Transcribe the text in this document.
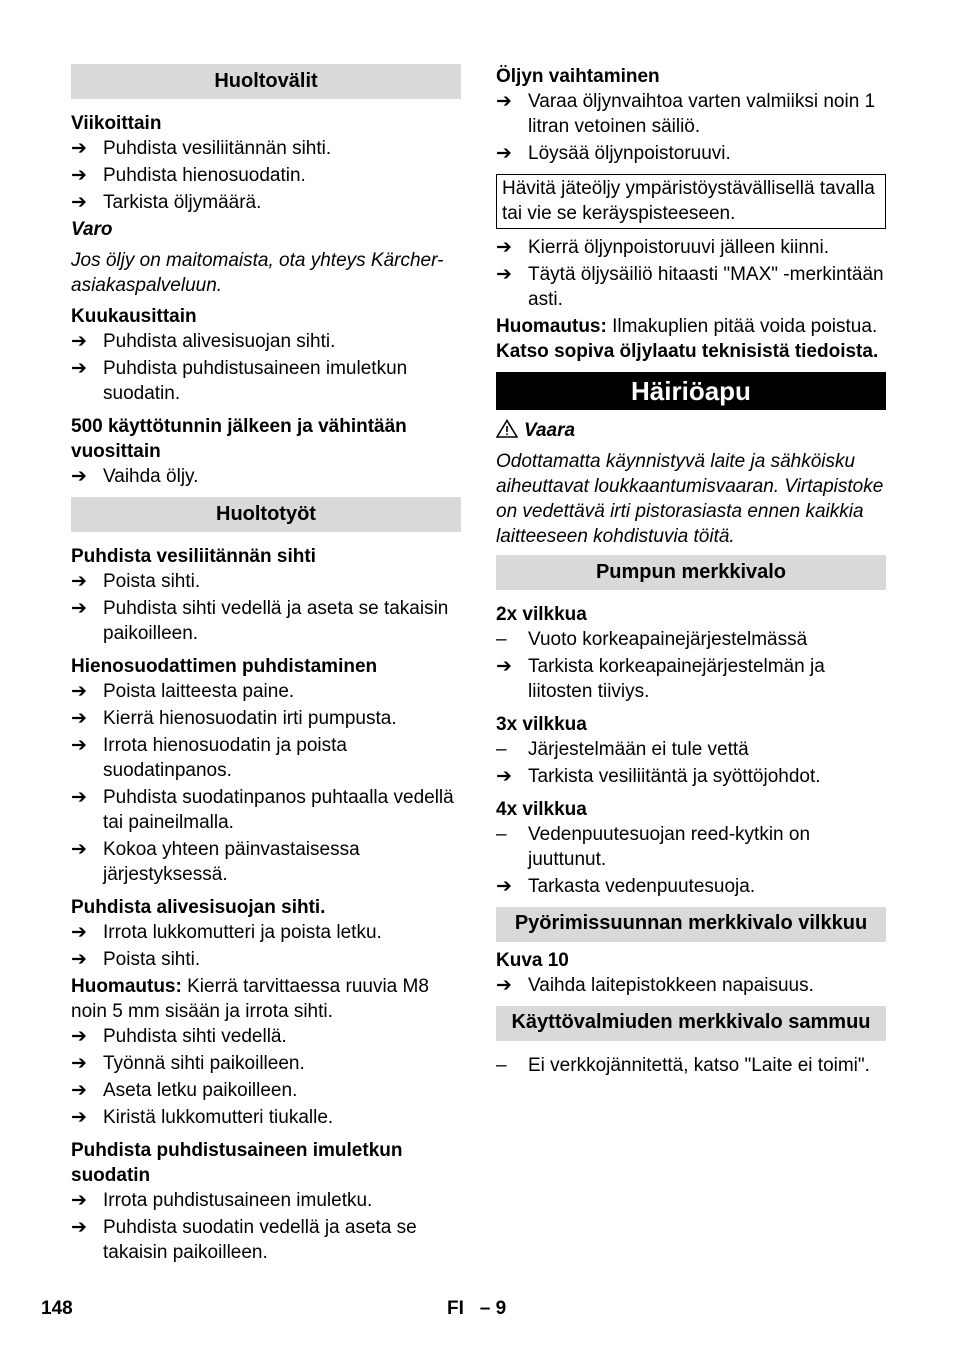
Huoltovälit
Viikoittain
➔ Puhdista vesiliitännän sihti.
➔ Puhdista hienosuodatin.
➔ Tarkista öljymäärä.
Varo
Jos öljy on maitomaista, ota yhteys Kärcher-asiakaspalveluun.
Kuukausittain
➔ Puhdista alivesisuojan sihti.
➔ Puhdista puhdistusaineen imuletkun suodatin.
500 käyttötunnin jälkeen ja vähintään vuosittain
➔ Vaihda öljy.
Huoltotyöt
Puhdista vesiliitännän sihti
➔ Poista sihti.
➔ Puhdista sihti vedellä ja aseta se takaisin paikoilleen.
Hienosuodattimen puhdistaminen
➔ Poista laitteesta paine.
➔ Kierrä hienosuodatin irti pumpusta.
➔ Irrota hienosuodatin ja poista suodatinpanos.
➔ Puhdista suodatinpanos puhtaalla vedellä tai paineilmalla.
➔ Kokoa yhteen päinvastaisessa järjestyksessä.
Puhdista alivesisuojan sihti.
➔ Irrota lukkomutteri ja poista letku.
➔ Poista sihti.
Huomautus: Kierrä tarvittaessa ruuvia M8 noin 5 mm sisään ja irrota sihti.
➔ Puhdista sihti vedellä.
➔ Työnnä sihti paikoilleen.
➔ Aseta letku paikoilleen.
➔ Kiristä lukkomutteri tiukalle.
Puhdista puhdistusaineen imuletkun suodatin
➔ Irrota puhdistusaineen imuletku.
➔ Puhdista suodatin vedellä ja aseta se takaisin paikoilleen.
Öljyn vaihtaminen
➔ Varaa öljynvaihtoa varten valmiiksi noin 1 litran vetoinen säiliö.
➔ Löysää öljynpoistoruuvi.
Hävitä jäteöljy ympäristöystävällisellä tavalla tai vie se keräyspisteeseen.
➔ Kierrä öljynpoistoruuvi jälleen kiinni.
➔ Täytä öljysäiliö hitaasti "MAX" -merkintään asti.
Huomautus: Ilmakuplien pitää voida poistua.
Katso sopiva öljylaatu teknisistä tiedoista.
Häiriöapu
Vaara
Odottamatta käynnistyvä laite ja sähköisku aiheuttavat loukkaantumisvaaran. Virtapistoke on vedettävä irti pistorasiasta ennen kaikkia laitteeseen kohdistuvia töitä.
Pumpun merkkivalo
2x vilkkua
–	Vuoto korkeapainejärjestelmässä
➔ Tarkista korkeapainejärjestelmän ja liitosten tiiviys.
3x vilkkua
–	Järjestelmään ei tule vettä
➔ Tarkista vesiliitäntä ja syöttöjohdot.
4x vilkkua
–	Vedenpuutesuojan reed-kytkin on juuttunut.
➔ Tarkasta vedenpuutesuoja.
Pyörimissuunnan merkkivalo vilkkuu
Kuva 10
➔ Vaihda laitepistokkeen napaisuus.
Käyttövalmiuden merkkivalo sammuu
–	Ei verkkojännitettä, katso "Laite ei toimi".
148	FI   – 9
